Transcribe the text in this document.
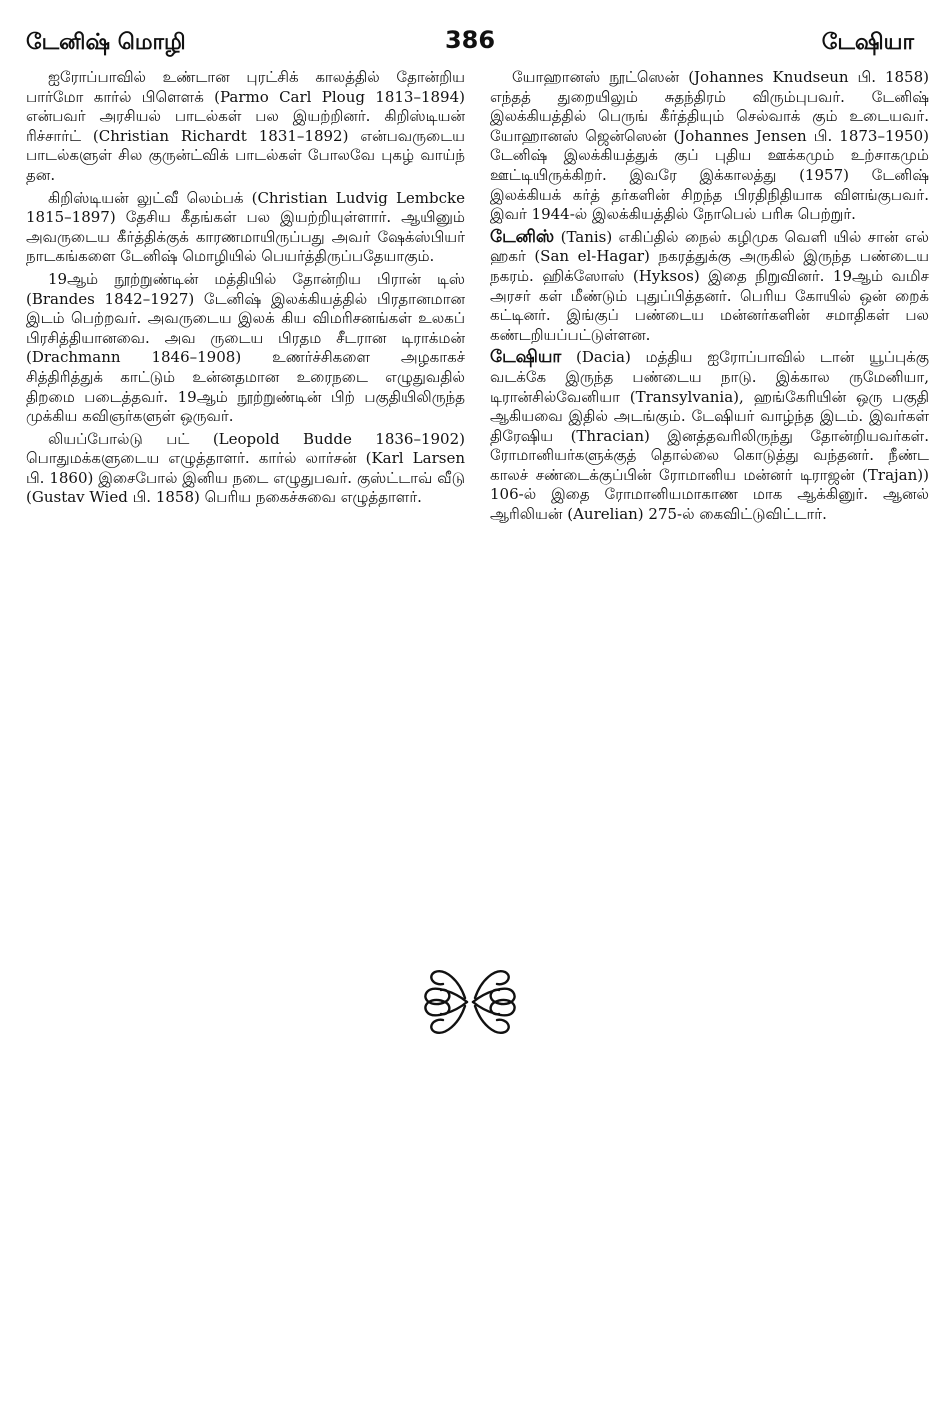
டேனிஷ் மொழி	386	டேஷியா

ஐரோப்பாவில் உண்டான புரட்சிக் காலத்தில் தோன்றிய பார்மோ கார்ல் பிளௌக் (Parmo Carl Ploug 1813–1894) என்பவர் அரசியல் பாடல்கள் பல இயற்றினர். கிறிஸ்டியன் ரிச்சார்ட் (Christian Richardt 1831–1892) என்பவருடைய பாடல்களுள் சில குருன்ட்விக் பாடல்கள் போலவே புகழ் வாய்ந் தன.

கிறிஸ்டியன் லுட்வீ லெம்பக் (Christian Ludvig Lembcke 1815–1897) தேசிய கீதங்கள் பல இயற்றியுள்ளார். ஆயினும் அவருடைய கீர்த்திக்குக் காரணமாயிருப்பது அவர் ஷேக்ஸ்பியர் நாடகங்களை டேனிஷ் மொழியில் பெயர்த்திருப்பதேயாகும்.

19ஆம் நூற்றுண்டின் மத்தியில் தோன்றிய பிரான் டிஸ் (Brandes 1842–1927) டேனிஷ் இலக்கியத்தில் பிரதானமான இடம் பெற்றவர். அவருடைய இலக் கிய விமரிசனங்கள் உலகப் பிரசித்தியானவை. அவ ருடைய பிரதம சீடரான டிராக்மன் (Drachmann 1846–1908) உணர்ச்சிகளை அழகாகச் சித்திரித்துக் காட்டும் உன்னதமான உரைநடை எழுதுவதில் திறமை படைத்தவர். 19ஆம் நூற்றுண்டின் பிற் பகுதியிலிருந்த முக்கிய கவிஞர்களுள் ஒருவர்.

லியப்போல்டு பட் (Leopold Budde 1836–1902) பொதுமக்களுடைய எழுத்தாளர். கார்ல் லார்சன் (Karl Larsen பி. 1860) இசைபோல் இனிய நடை எழுதுபவர். குஸ்ட்டாவ் வீடு (Gustav Wied பி. 1858) பெரிய நகைச்சுவை எழுத்தாளர்.

யோஹானஸ் நூட்ஸென் (Johannes Knudseun பி. 1858) எந்தத் துறையிலும் சுதந்திரம் விரும்புபவர். டேனிஷ் இலக்கியத்தில் பெருங் கீர்த்தியும் செல்வாக் கும் உடையவர். யோஹானஸ் ஜென்ஸென் (Johannes Jensen பி. 1873–1950) டேனிஷ் இலக்கியத்துக் குப் புதிய ஊக்கமும் உற்சாகமும் ஊட்டியிருக்கிறர். இவரே இக்காலத்து (1957) டேனிஷ் இலக்கியக் கர்த் தர்களின் சிறந்த பிரதிநிதியாக விளங்குபவர். இவர் 1944-ல் இலக்கியத்தில் நோபெல் பரிசு பெற்றுர்.

டேனிஸ் (Tanis) எகிப்தில் நைல் கழிமுக வெளி யில் சான் எல் ஹகர் (San el-Hagar) நகரத்துக்கு அருகில் இருந்த பண்டைய நகரம். ஹிக்ஸோஸ் (Hyksos) இதை நிறுவினர். 19ஆம் வமிச அரசர் கள் மீண்டும் புதுப்பித்தனர். பெரிய கோயில் ஒன் றைக் கட்டினர். இங்குப் பண்டைய மன்னர்களின் சமாதிகள் பல கண்டறியப்பட்டுள்ளன.

டேஷியா (Dacia) மத்திய ஐரோப்பாவில் டான் யூப்புக்கு வடக்கே இருந்த பண்டைய நாடு. இக்கால ருமேனியா, டிரான்சில்வேனியா (Transylvania), ஹங்கேரியின் ஒரு பகுதி ஆகியவை இதில் அடங்கும். டேஷியர் வாழ்ந்த இடம். இவர்கள் திரேஷிய (Thracian) இனத்தவரிலிருந்து தோன்றியவர்கள். ரோமானியர்களுக்குத் தொல்லை கொடுத்து வந்தனர். நீண்ட காலச் சண்டைக்குப்பின் ரோமானிய மன்னர் டிராஜன் (Trajan)) 106-ல் இதை ரோமானியமாகாண மாக ஆக்கினுர். ஆனல் ஆரிலியன் (Aurelian) 275-ல் கைவிட்டுவிட்டார்.
